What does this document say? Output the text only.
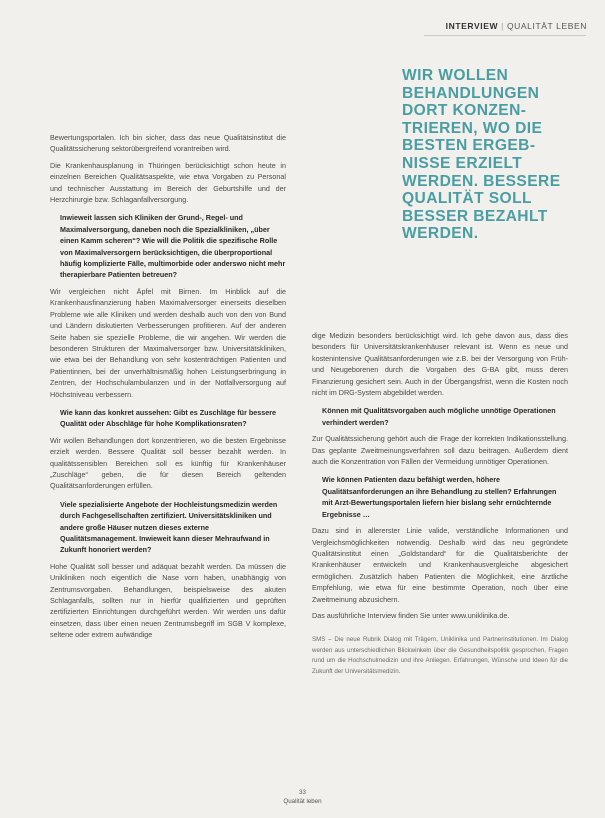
INTERVIEW | QUALITÄT LEBEN
WIR WOLLEN
BEHANDLUNGEN
DORT KONZEN-
TRIEREN, WO DIE
BESTEN ERGEB-
NISSE ERZIELT
WERDEN. BESSERE
QUALITÄT SOLL
BESSER BEZAHLT
WERDEN.

Bewertungsportalen. Ich bin sicher, dass das neue Qualitätsinstitut die Qualitätssicherung sektorübergreifend vorantreiben wird.

Die Krankenhausplanung in Thüringen berücksichtigt schon heute in einzelnen Bereichen Qualitätsaspekte, wie etwa Vorgaben zu Personal und technischer Ausstattung im Bereich der Geburtshilfe und der Herzchirurgie bzw. Schlaganfallversorgung.

Inwieweit lassen sich Kliniken der Grund-, Regel- und Maximalversorgung, daneben noch die Spezialkliniken, „über einen Kamm scheren“? Wie will die Politik die spezifische Rolle von Maximalversorgern berücksichtigen, die überproportional häufig komplizierte Fälle, multimorbide oder anderswo nicht mehr therapierbare Patienten betreuen?

Wir vergleichen nicht Äpfel mit Birnen. Im Hinblick auf die Krankenhausfinanzierung haben Maximalversorger einerseits dieselben Probleme wie alle Kliniken und werden deshalb auch von den von Bund und Ländern diskutierten Verbesserungen profitieren. Auf der anderen Seite haben sie spezielle Probleme, die wir angehen. Wir werden die besonderen Strukturen der Maximalversorger bzw. Universitätskliniken, wie etwa bei der Behandlung von sehr kostenträchtigen Patienten und Patientinnen, bei der unverhältnismäßig hohen Leistungserbringung in Zentren, der Hochschulambulanzen und in der Notfallversorgung auf Höchstniveau verbessern.

Wie kann das konkret aussehen: Gibt es Zuschläge für bessere Qualität oder Abschläge für hohe Komplikationsraten?

Wir wollen Behandlungen dort konzentrieren, wo die besten Ergebnisse erzielt werden. Bessere Qualität soll besser bezahlt werden. In qualitätssensiblen Bereichen soll es künftig für Krankenhäuser „Zuschläge“ geben, die für diesen Bereich geltenden Qualitätsanforderungen erfüllen.

Viele spezialisierte Angebote der Hochleistungsmedizin werden durch Fachgesellschaften zertifiziert. Universitätskliniken und andere große Häuser nutzen dieses externe Qualitätsmanagement. Inwieweit kann dieser Mehraufwand in Zukunft honoriert werden?

Hohe Qualität soll besser und adäquat bezahlt werden. Da müssen die Unikliniken noch eigentlich die Nase vorn haben, unabhängig von Zentrumsvorgaben. Behandlungen, beispielsweise des akuten Schlaganfalls, sollten nur in hierfür qualifizierten und geprüften zertifizierten Einrichtungen durchgeführt werden. Wir werden uns dafür einsetzen, dass über einen neuen Zentrumsbegriff im SGB V komplexe, seltene oder extrem aufwändige

dige Medizin besonders berücksichtigt wird. Ich gehe davon aus, dass dies besonders für Universitätskrankenhäuser relevant ist. Wenn es neue und kostenintensive Qualitätsanforderungen wie z.B. bei der Versorgung von Früh- und Neugeborenen durch die Vorgaben des G-BA gibt, muss deren Finanzierung gesichert sein. Auch in der Übergangsfrist, wenn die Kosten noch nicht im DRG-System abgebildet werden.

Können mit Qualitätsvorgaben auch mögliche unnötige Operationen verhindert werden?

Zur Qualitätssicherung gehört auch die Frage der korrekten Indikationsstellung. Das geplante Zweitmeinungsverfahren soll dazu beitragen. Außerdem dient auch die Konzentration von Fällen der Vermeidung unnötiger Operationen.

Wie können Patienten dazu befähigt werden, höhere Qualitätsanforderungen an ihre Behandlung zu stellen? Erfahrungen mit Arzt-Bewertungsportalen liefern hier bislang sehr ernüchternde Ergebnisse …

Dazu sind in allererster Linie valide, verständliche Informationen und Vergleichsmöglichkeiten notwendig. Deshalb wird das neu gegründete Qualitätsinstitut einen „Goldstandard“ für die Qualitätsberichte der Krankenhäuser entwickeln und Krankenhausvergleiche abgesichert ermöglichen. Zusätzlich haben Patienten die Möglichkeit, eine ärztliche Empfehlung, wie etwa für eine bestimmte Operation, noch über eine Zweitmeinung abzusichern.

Das ausführliche Interview finden Sie unter www.uniklinika.de.

SMS – Die neue Rubrik Dialog mit Trägern, Uniklinika und Partnerinstitutionen. Im Dialog werden aus unterschiedlichen Blickwinkeln über die Gesundheitspolitik gesprochen, Fragen rund um die Hochschulmedizin und ihre Anliegen. Erfahrungen, Wünsche und Ideen für die Zukunft der Universitätsmedizin.

33
Qualität leben
